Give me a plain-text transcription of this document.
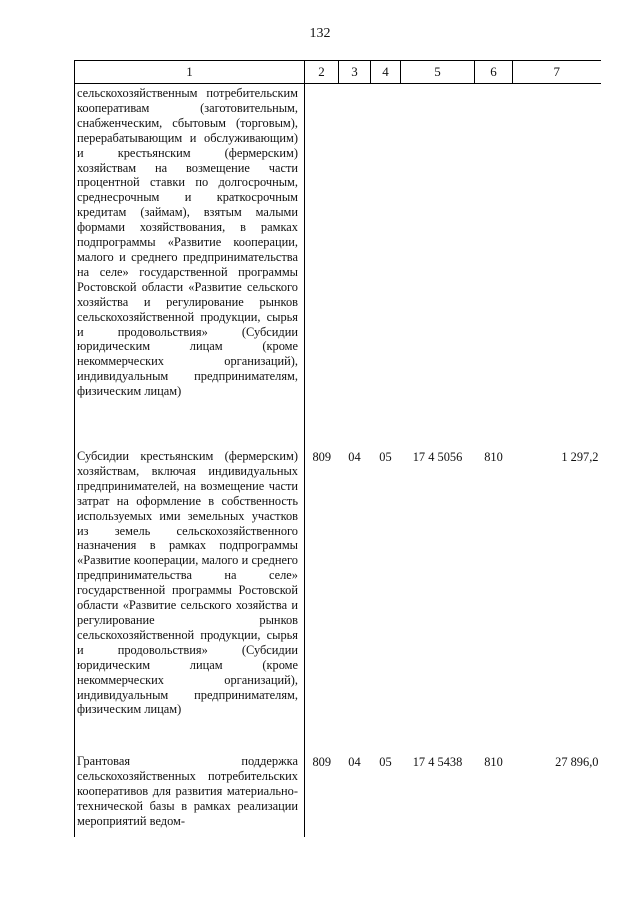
132
1	2	3	4	5	6	7
сельскохозяйственным потребительским кооперативам (заготовительным, снабженческим, сбытовым (торговым), перерабатывающим и обслуживающим) и крестьянским (фермерским) хозяйствам на возмещение части процентной ставки по долгосрочным, среднесрочным и краткосрочным кредитам (займам), взятым малыми формами хозяйствования, в рамках подпрограммы «Развитие кооперации, малого и среднего предпринимательства на селе» государственной программы Ростовской области «Развитие сельского хозяйства и регулирование рынков сельскохозяйственной продукции, сырья и продовольствия» (Субсидии юридическим лицам (кроме некоммерческих организаций), индивидуальным предпринимателям, физическим лицам)						
Субсидии крестьянским (фермерским) хозяйствам, включая индивидуальных предпринимателей, на возмещение части затрат на оформление в собственность используемых ими земельных участков из земель сельскохозяйственного назначения в рамках подпрограммы «Развитие кооперации, малого и среднего предпринимательства на селе» государственной программы Ростовской области «Развитие сельского хозяйства и регулирование рынков сельскохозяйственной продукции, сырья и продовольствия» (Субсидии юридическим лицам (кроме некоммерческих организаций), индивидуальным предпринимателям, физическим лицам)	809	04	05	17 4 5056	810	1 297,2
Грантовая поддержка сельскохозяйственных потребительских кооперативов для развития материально-технической базы в рамках реализации мероприятий ведом-	809	04	05	17 4 5438	810	27 896,0
